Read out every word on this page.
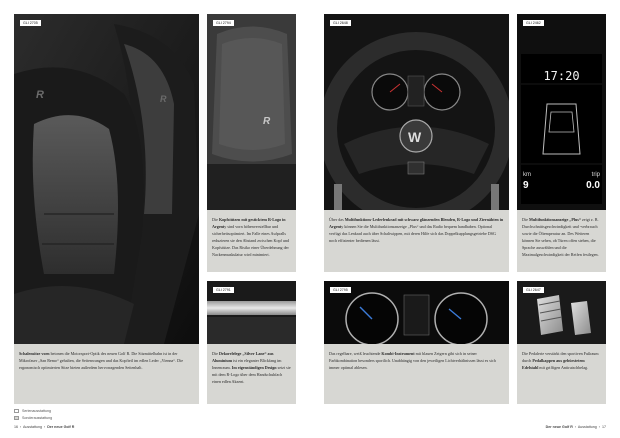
R	R
GLI 2705
Schalensitze vorn betonen die Motorsport-Optik des neuen Golf R. Die Sitzmittelbahn ist in der Mikrofaser „San Remo“ gehalten, die Seitenwangen und das Kopfteil im edlen Leder „Vienna“. Die ergonomisch optimierten Sitze bieten außerdem hervorragenden Seitenhalt.
R
GLI 2794
Die Kopfstützen mit gesticktem R-Logo in Argenty sind vorn höhenverstellbar und sicherheitsoptimiert. Im Falle eines Aufpralls reduzieren sie den Abstand zwischen Kopf und Kopfstütze. Das Risiko einer Überdehnung der Nackenmuskulatur wird minimiert.
GLI 2791
Die Dekorelelege „Silver Lane“ aus Aluminium ist ein eleganter Blickfang im Innenraum. Im eigenständigen Design setzt sie mit dem R-Logo über dem Handschuhfach einen edlen Akzent.
W
GLI 2648
Über das Multifunktions-Lederlenkrad mit schwarz glänzenden Blenden, R-Logo und Ziernähten in Argenty können Sie die Multifunktionsanzeige „Plus“ und das Radio bequem handhaben. Optional verfügt das Lenkrad auch über Schaltwippen, mit deren Hilfe sich das Doppelkupplungsgetriebe DSG noch effizienter bedienen lässt.
GLI 2795
Das regelbare, weiß leuchtende Kombi-Instrument mit blauen Zeigern gibt sich in seiner Farbkombination besonders sportlich. Unabhängig von den jeweiligen Lichtverhältnissen lässt es sich immer optimal ablesen.
GLI 2462
17:20
km
9
trip
0.0
Die Multifunktionsanzeige „Plus“ zeigt z. B. Durchschnittsgeschwindigkeit und -verbrauch sowie die Öltemperatur an. Des Weiteren können Sie sehen, ob Türen offen stehen, die Sprache auswählen und die Maximalgeschwindigkeit der Reifen festlegen.
GLI 2647
Die Pedalerie verstärkt den sportiven Fußraum durch Pedalkappen aus gebürstetem Edelstahl mit griffigen Antirutschbelag.
Serienausstattung
Sonderausstattung
16  ›  Ausstattung  ›  Der neue Golf R	Der neue Golf R  ›  Ausstattung  ›  17
